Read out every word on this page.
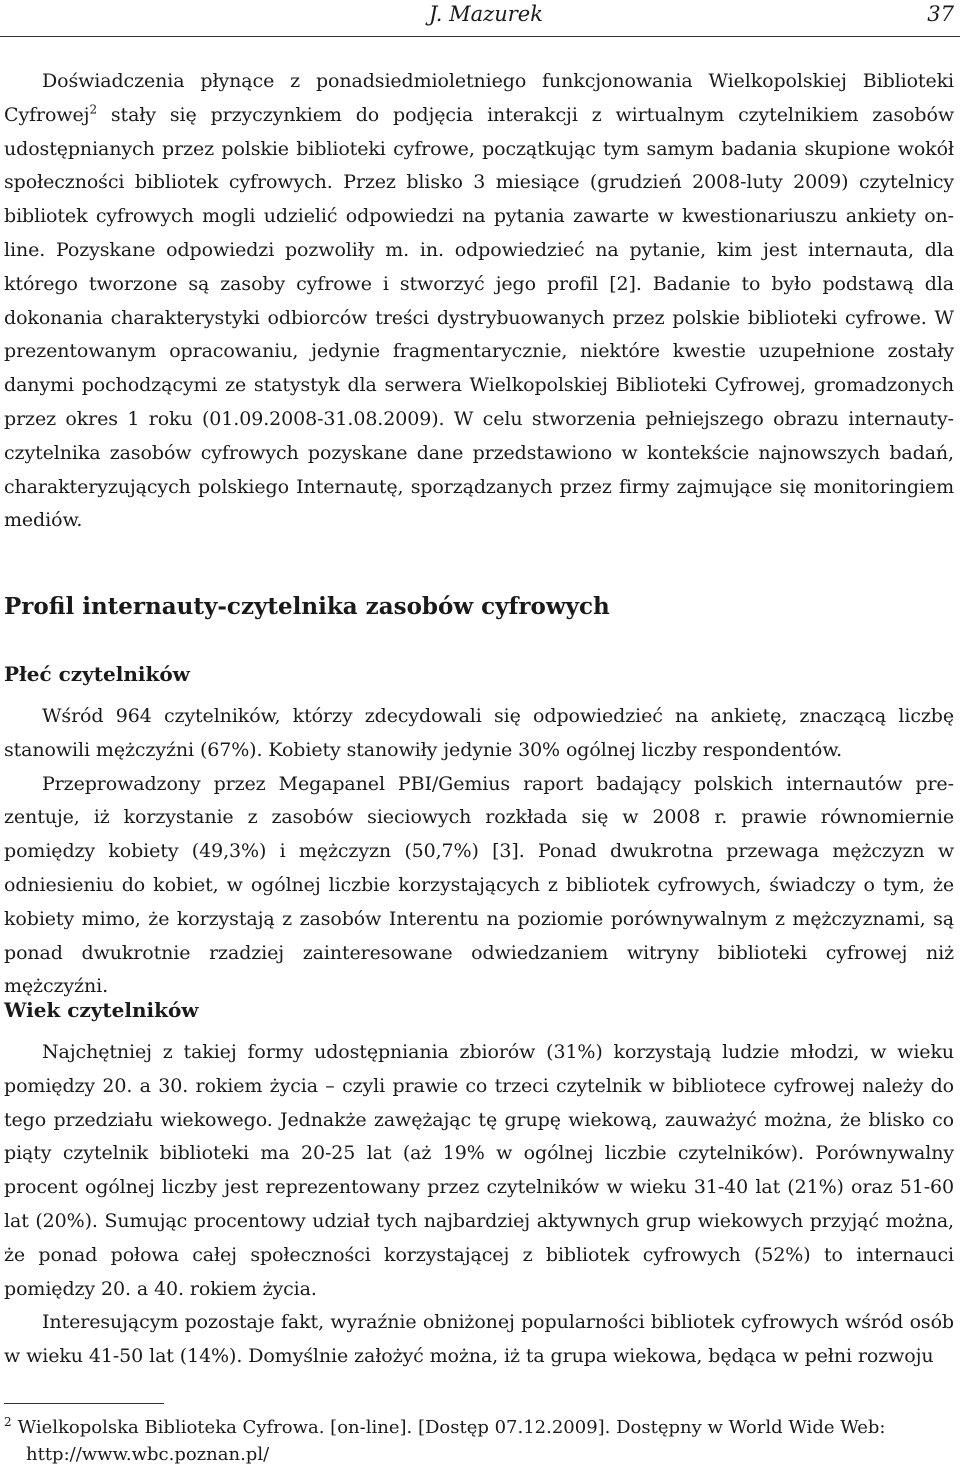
J. Mazurek	37

Doświadczenia płynące z ponadsiedmioletniego funkcjonowania Wielkopolskiej Biblioteki Cyfrowej$^2$ stały się przyczynkiem do podjęcia interakcji z wirtualnym czytelnikiem zasobów udostępnianych przez polskie biblioteki cyfrowe, początkując tym samym badania skupione wokół społeczności bibliotek cyfrowych. Przez blisko 3 miesiące (grudzień 2008-luty 2009) czytelnicy bibliotek cyfrowych mogli udzielić odpowiedzi na pytania zawarte w kwestionariuszu ankiety on-line. Pozyskane odpowiedzi pozwoliły m. in. odpowiedzieć na pytanie, kim jest internauta, dla którego tworzone są zasoby cyfrowe i stworzyć jego profil [2]. Badanie to było podstawą dla dokonania charakterystyki odbiorców treści dystrybuowanych przez polskie biblioteki cyfrowe. W prezentowanym opracowaniu, jedynie fragmentarycznie, niektóre kwestie uzupełnione zostały danymi pochodzącymi ze statystyk dla serwera Wielkopolskiej Biblioteki Cyfrowej, gromadzonych przez okres 1 roku (01.09.2008-31.08.2009). W celu stworzenia pełniejszego obrazu internauty-czytelnika zasobów cyfrowych pozyskane dane przedstawiono w kontekście najnowszych badań, charakteryzujących polskiego Internautę, sporządzanych przez firmy zajmujące się monitoringiem mediów.

Profil internauty-czytelnika zasobów cyfrowych
Płeć czytelników

Wśród 964 czytelników, którzy zdecydowali się odpowiedzieć na ankietę, znaczącą liczbę stanowili mężczyźni (67%). Kobiety stanowiły jedynie 30% ogólnej liczby respondentów.

Przeprowadzony przez Megapanel PBI/Gemius raport badający polskich internautów prezentuje, iż korzystanie z zasobów sieciowych rozkłada się w 2008 r. prawie równomiernie pomiędzy kobiety (49,3%) i mężczyzn (50,7%) [3]. Ponad dwukrotna przewaga mężczyzn w odniesieniu do kobiet, w ogólnej liczbie korzystających z bibliotek cyfrowych, świadczy o tym, że kobiety mimo, że korzystają z zasobów Interentu na poziomie porównywalnym z mężczyznami, są ponad dwukrotnie rzadziej zainteresowane odwiedzaniem witryny biblioteki cyfrowej niż mężczyźni.

Wiek czytelników

Najchętniej z takiej formy udostępniania zbiorów (31%) korzystają ludzie młodzi, w wieku pomiędzy 20. a 30. rokiem życia – czyli prawie co trzeci czytelnik w bibliotece cyfrowej należy do tego przedziału wiekowego. Jednakże zawężając tę grupę wiekową, zauważyć można, że blisko co piąty czytelnik biblioteki ma 20-25 lat (aż 19% w ogólnej liczbie czytelników). Porównywalny procent ogólnej liczby jest reprezentowany przez czytelników w wieku 31-40 lat (21%) oraz 51-60 lat (20%). Sumując procentowy udział tych najbardziej aktywnych grup wiekowych przyjąć można, że ponad połowa całej społeczności korzystającej z bibliotek cyfrowych (52%) to internauci pomiędzy 20. a 40. rokiem życia.

Interesującym pozostaje fakt, wyraźnie obniżonej popularności bibliotek cyfrowych wśród osób w wieku 41-50 lat (14%). Domyślnie założyć można, iż ta grupa wiekowa, będąca w pełni rozwoju

$^2$ Wielkopolska Biblioteka Cyfrowa. [on-line]. [Dostęp 07.12.2009]. Dostępny w World Wide Web:
http://www.wbc.poznan.pl/
